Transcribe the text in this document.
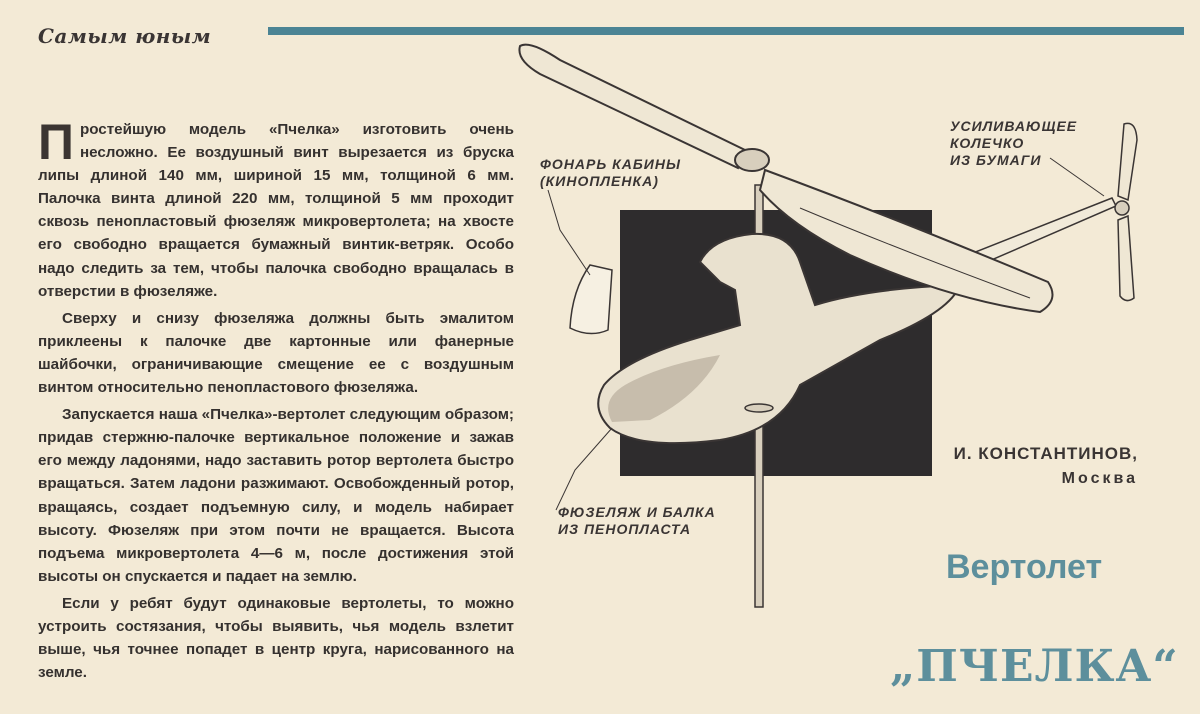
Самым юным

Простейшую модель «Пчелка» изготовить очень несложно. Ее воздушный винт вырезается из бруска липы длиной 140 мм, шириной 15 мм, толщиной 6 мм. Палочка винта длиной 220 мм, толщиной 5 мм проходит сквозь пенопластовый фюзеляж микровертолета; на хвосте его свободно вращается бумажный винтик-ветряк. Особо надо следить за тем, чтобы палочка свободно вращалась в отверстии в фюзеляже.

Сверху и снизу фюзеляжа должны быть эмалитом приклеены к палочке две картонные или фанерные шайбочки, ограничивающие смещение ее с воздушным винтом относительно пенопластового фюзеляжа.

Запускается наша «Пчелка»-вертолет следующим образом; придав стержню-палочке вертикальное положение и зажав его между ладонями, надо заставить ротор вертолета быстро вращаться. Затем ладони разжимают. Освобожденный ротор, вращаясь, создает подъемную силу, и модель набирает высоту. Фюзеляж при этом почти не вращается. Высота подъема микровертолета 4—6 м, после достижения этой высоты он спускается и падает на землю.

Если у ребят будут одинаковые вертолеты, то можно устроить состязания, чтобы выявить, чья модель взлетит выше, чья точнее попадет в центр круга, нарисованного на земле.

ФОНАРЬ КАБИНЫ
(КИНОПЛЕНКА)
УСИЛИВАЮЩЕЕ
КОЛЕЧКО
ИЗ БУМАГИ
ФЮЗЕЛЯЖ И БАЛКА
ИЗ ПЕНОПЛАСТА
И. КОНСТАНТИНОВ,
Москва
Вертолет
„ПЧЕЛКА“
